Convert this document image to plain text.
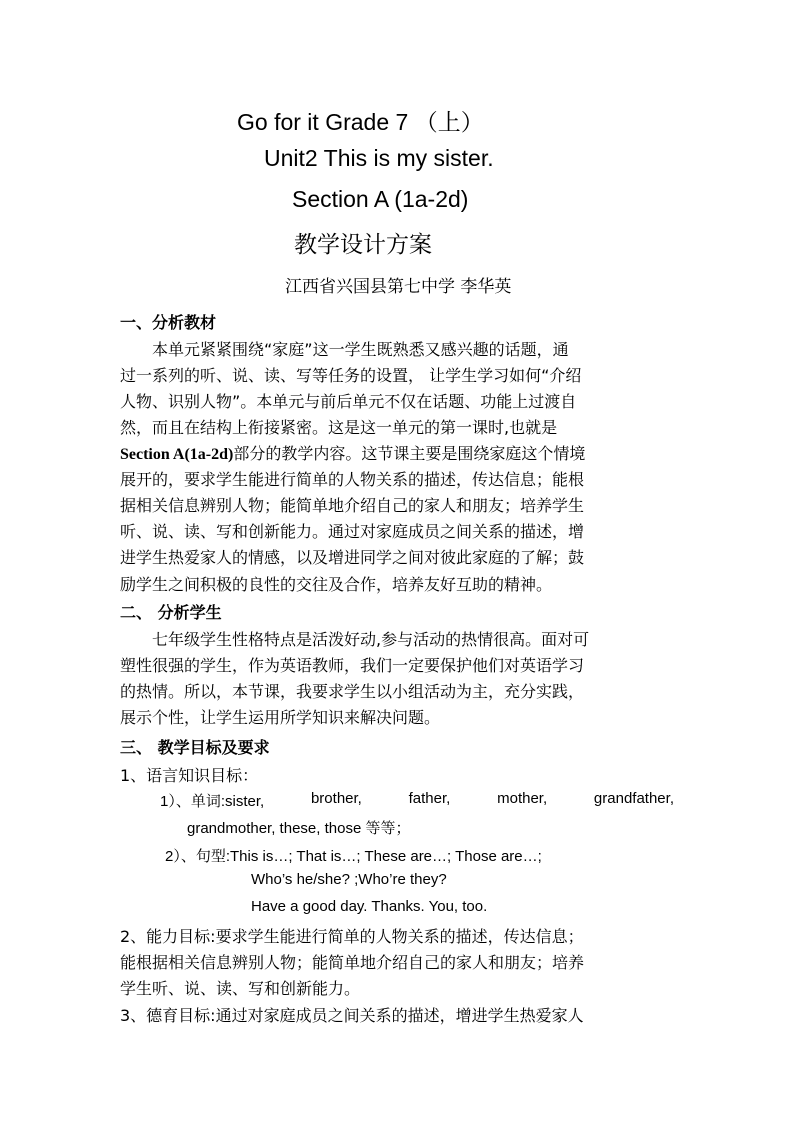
Go for it Grade 7 （上）
Unit2 This is my sister.
Section A (1a-2d)
教学设计方案
江西省兴国县第七中学 李华英
一、分析教材
本单元紧紧围绕“家庭”这一学生既熟悉又感兴趣的话题，通
过一系列的听、说、读、写等任务的设置， 让学生学习如何“介绍
人物、识别人物”。本单元与前后单元不仅在话题、功能上过渡自
然，而且在结构上衔接紧密。这是这一单元的第一课时,也就是
Section A(1a-2d)部分的教学内容。这节课主要是围绕家庭这个情境
展开的，要求学生能进行简单的人物关系的描述，传达信息；能根
据相关信息辨别人物；能简单地介绍自己的家人和朋友；培养学生
听、说、读、写和创新能力。通过对家庭成员之间关系的描述，增
进学生热爱家人的情感，以及增进同学之间对彼此家庭的了解；鼓
励学生之间积极的良性的交往及合作，培养友好互助的精神。
二、 分析学生
七年级学生性格特点是活泼好动,参与活动的热情很高。面对可
塑性很强的学生，作为英语教师，我们一定要保护他们对英语学习
的热情。所以，本节课，我要求学生以小组活动为主，充分实践，
展示个性，让学生运用所学知识来解决问题。
三、 教学目标及要求
1、语言知识目标：
1）、单词:sister,	brother,	father,	mother,	grandfather,
grandmother, these, those 等等；
2）、句型:This is…; That is…; These are…; Those are…;
Who’s he/she? ;Who’re they?
Have a good day. Thanks. You, too.
2、能力目标:要求学生能进行简单的人物关系的描述，传达信息；
能根据相关信息辨别人物；能简单地介绍自己的家人和朋友；培养
学生听、说、读、写和创新能力。
3、德育目标:通过对家庭成员之间关系的描述，增进学生热爱家人
